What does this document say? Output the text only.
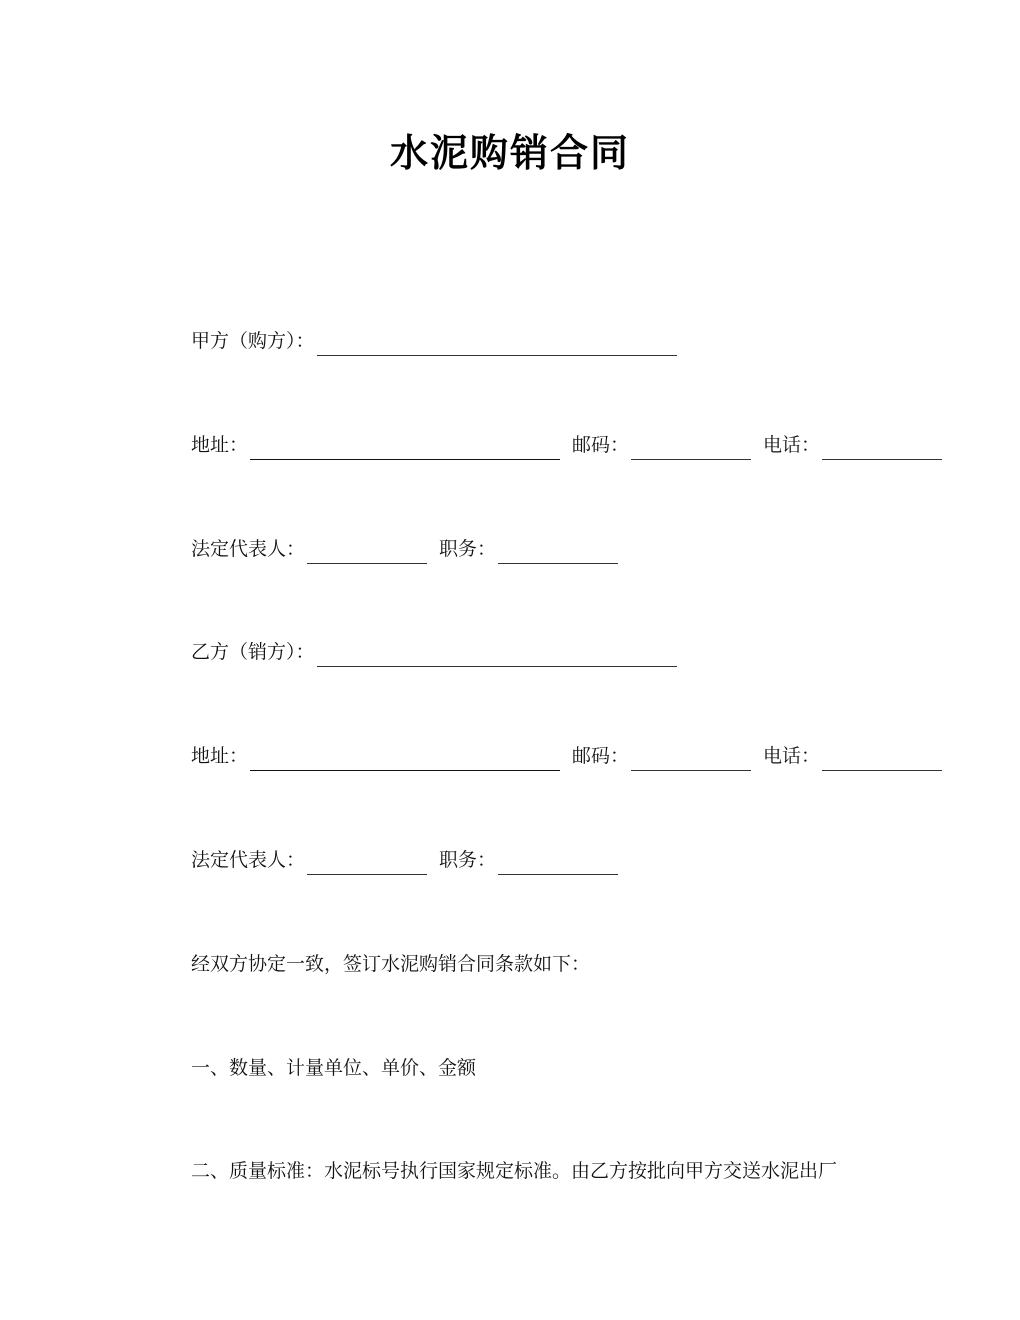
水泥购销合同
甲方（购方）：
地址：	邮码：	电话：
法定代表人：	职务：
乙方（销方）：
地址：	邮码：	电话：
法定代表人：	职务：
经双方协定一致，签订水泥购销合同条款如下：
一、数量、计量单位、单价、金额
二、质量标准：水泥标号执行国家规定标准。由乙方按批向甲方交送水泥出厂
